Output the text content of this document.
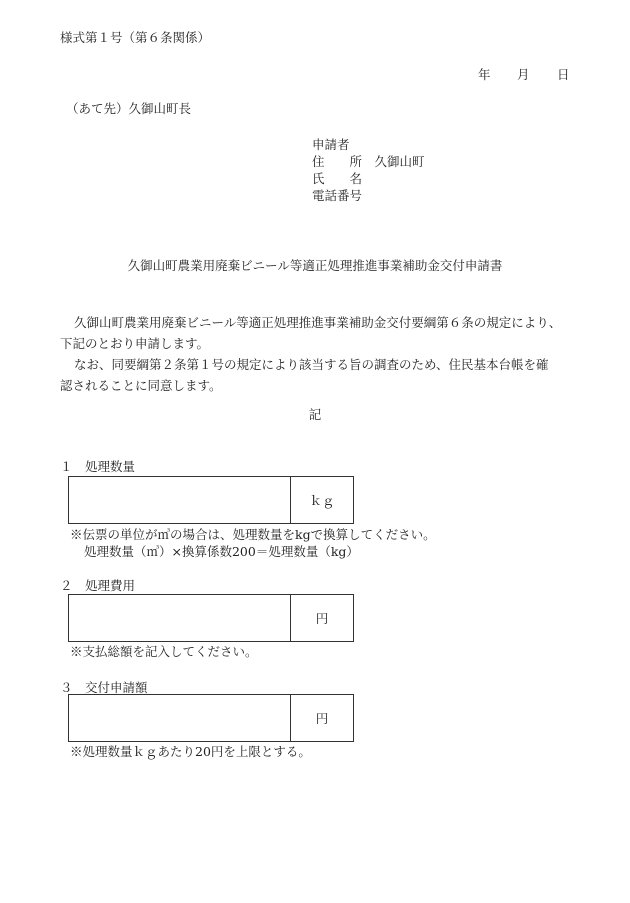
様式第１号（第６条関係）
年 月 日
（あて先）久御山町長
申請者
住　　所　 久御山町
氏　　名
電話番号
久御山町農業用廃棄ビニール等適正処理推進事業補助金交付申請書

久御山町農業用廃棄ビニール等適正処理推進事業補助金交付要綱第６条の規定により、

下記のとおり申請します。

なお、同要綱第２条第１号の規定により該当する旨の調査のため、住民基本台帳を確

認されることに同意します。

記
１　処理数量
ｋｇ
※伝票の単位が㎥の場合は、処理数量をkgで換算してください。
処理数量（㎥）×換算係数200＝処理数量（kg）
２　処理費用
円
※支払総額を記入してください。
３　交付申請額
円
※処理数量ｋｇあたり20円を上限とする。
